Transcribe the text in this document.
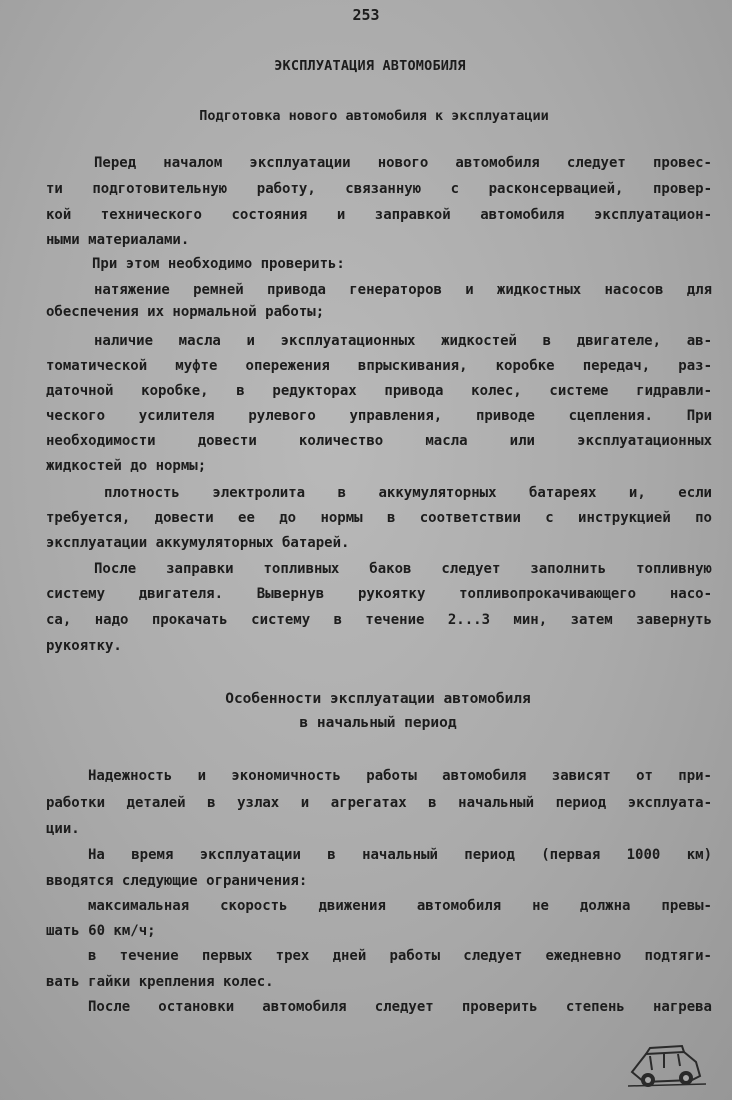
253
ЭКСПЛУАТАЦИЯ АВТОМОБИЛЯ
Подготовка нового автомобиля к эксплуатации
Перед началом эксплуатации нового автомобиля следует провес-
ти подготовительную работу, связанную с расконсервацией, провер-
кой технического состояния и заправкой автомобиля эксплуатацион-
ными материалами.
При этом необходимо проверить:
натяжение ремней привода генераторов и жидкостных насосов для
обеспечения их нормальной работы;
наличие масла и эксплуатационных жидкостей в двигателе, ав-
томатической муфте опережения впрыскивания, коробке передач, раз-
даточной коробке, в редукторах привода колес, системе гидравли-
ческого усилителя рулевого управления, приводе сцепления. При
необходимости довести количество масла или эксплуатационных
жидкостей до нормы;
плотность электролита в аккумуляторных батареях и, если
требуется, довести ее до нормы в соответствии с инструкцией по
эксплуатации аккумуляторных батарей.
После заправки топливных баков следует заполнить топливную
систему двигателя. Вывернув рукоятку топливопрокачивающего насо-
са, надо прокачать систему в течение 2...3 мин, затем завернуть
рукоятку.
Особенности эксплуатации автомобиля
в начальный период
Надежность и экономичность работы автомобиля зависят от при-
работки деталей в узлах и агрегатах в начальный период эксплуата-
ции.
На время эксплуатации в начальный период (первая 1000 км)
вводятся следующие ограничения:
максимальная скорость движения автомобиля не должна превы-
шать 60 км/ч;
в течение первых трех дней работы следует ежедневно подтяги-
вать гайки крепления колес.
После остановки автомобиля следует проверить степень нагрева
